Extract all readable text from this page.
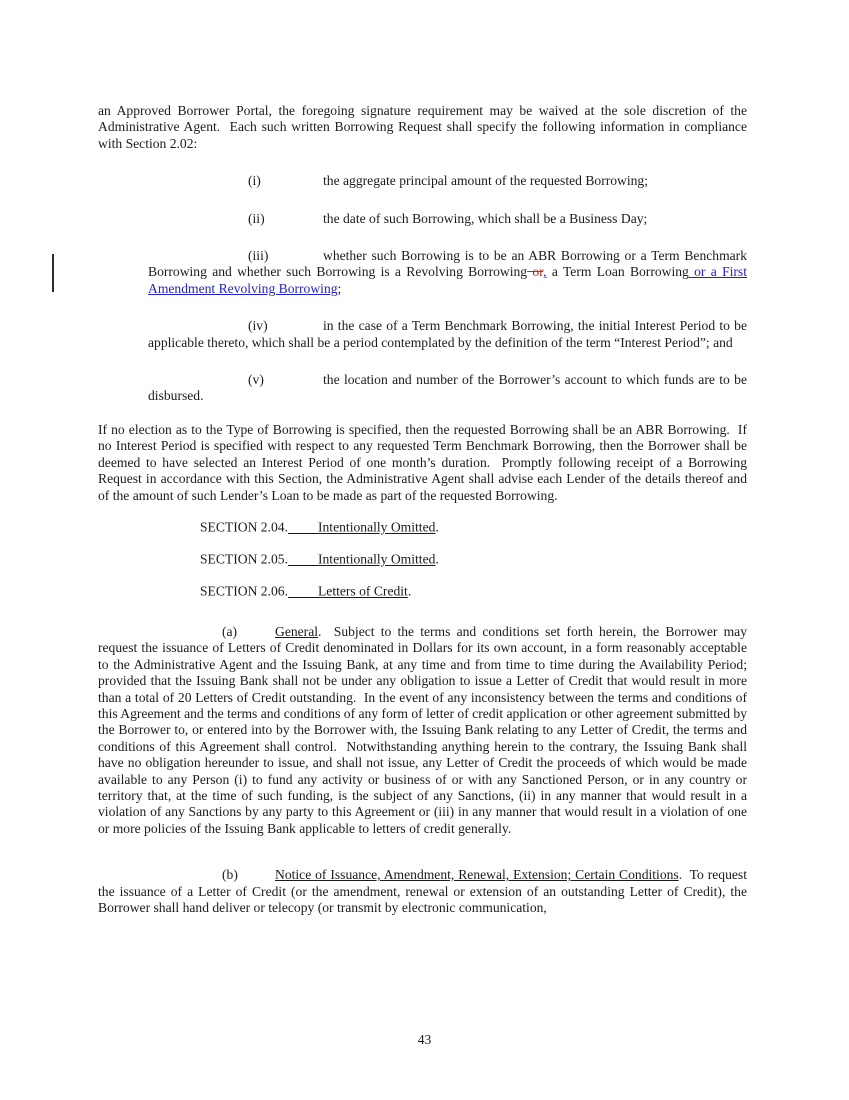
an Approved Borrower Portal, the foregoing signature requirement may be waived at the sole discretion of the Administrative Agent.  Each such written Borrowing Request shall specify the following information in compliance with Section 2.02:

(i)	the aggregate principal amount of the requested Borrowing;

(ii)	the date of such Borrowing, which shall be a Business Day;

(iii)	whether such Borrowing is to be an ABR Borrowing or a Term Benchmark Borrowing and whether such Borrowing is a Revolving Borrowing or, a Term Loan Borrowing or a First Amendment Revolving Borrowing;

(iv)	in the case of a Term Benchmark Borrowing, the initial Interest Period to be applicable thereto, which shall be a period contemplated by the definition of the term “Interest Period”; and

(v)	the location and number of the Borrower’s account to which funds are to be disbursed.

If no election as to the Type of Borrowing is specified, then the requested Borrowing shall be an ABR Borrowing.  If no Interest Period is specified with respect to any requested Term Benchmark Borrowing, then the Borrower shall be deemed to have selected an Interest Period of one month’s duration.  Promptly following receipt of a Borrowing Request in accordance with this Section, the Administrative Agent shall advise each Lender of the details thereof and of the amount of such Lender’s Loan to be made as part of the requested Borrowing.

SECTION 2.04. Intentionally Omitted.

SECTION 2.05. Intentionally Omitted.

SECTION 2.06. Letters of Credit.

(a)	General.  Subject to the terms and conditions set forth herein, the Borrower may request the issuance of Letters of Credit denominated in Dollars for its own account, in a form reasonably acceptable to the Administrative Agent and the Issuing Bank, at any time and from time to time during the Availability Period; provided that the Issuing Bank shall not be under any obligation to issue a Letter of Credit that would result in more than a total of 20 Letters of Credit outstanding.  In the event of any inconsistency between the terms and conditions of this Agreement and the terms and conditions of any form of letter of credit application or other agreement submitted by the Borrower to, or entered into by the Borrower with, the Issuing Bank relating to any Letter of Credit, the terms and conditions of this Agreement shall control.  Notwithstanding anything herein to the contrary, the Issuing Bank shall have no obligation hereunder to issue, and shall not issue, any Letter of Credit the proceeds of which would be made available to any Person (i) to fund any activity or business of or with any Sanctioned Person, or in any country or territory that, at the time of such funding, is the subject of any Sanctions, (ii) in any manner that would result in a violation of any Sanctions by any party to this Agreement or (iii) in any manner that would result in a violation of one or more policies of the Issuing Bank applicable to letters of credit generally.

(b)	Notice of Issuance, Amendment, Renewal, Extension; Certain Conditions.  To request the issuance of a Letter of Credit (or the amendment, renewal or extension of an outstanding Letter of Credit), the Borrower shall hand deliver or telecopy (or transmit by electronic communication,

43
